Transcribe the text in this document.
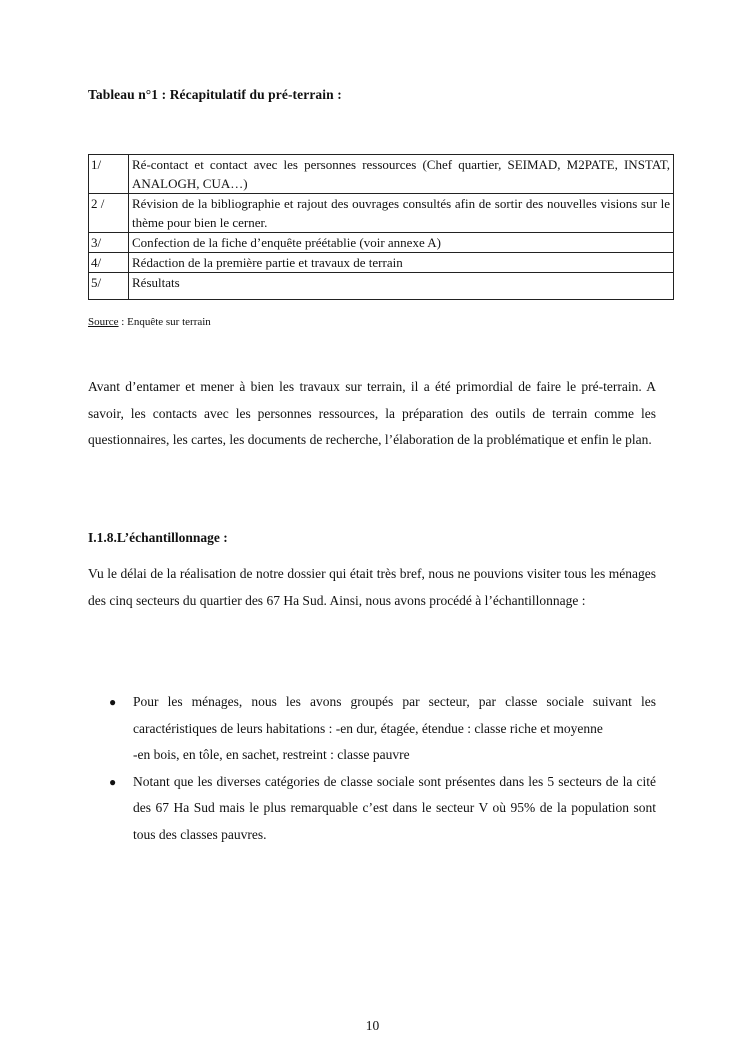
Tableau n°1 : Récapitulatif du pré-terrain :
1/	Ré-contact et contact avec les personnes ressources (Chef quartier, SEIMAD, M2PATE, INSTAT, ANALOGH, CUA…)
2 /	Révision de la bibliographie et rajout des ouvrages consultés afin de sortir des nouvelles visions sur le thème pour bien le cerner.
3/	Confection de la fiche d’enquête préétablie (voir annexe A)
4/	Rédaction de la première partie et travaux de terrain
5/	Résultats
Source : Enquête sur terrain

Avant d’entamer et mener à bien les travaux sur terrain, il a été primordial de faire le pré-terrain. A savoir, les contacts avec les personnes ressources, la préparation des outils de terrain comme les questionnaires, les cartes, les documents de recherche, l’élaboration de la problématique et enfin le plan.

I.1.8.L’échantillonnage :

Vu le délai de la réalisation de notre dossier qui était très bref, nous ne pouvions visiter tous les ménages des cinq secteurs du quartier des 67 Ha Sud. Ainsi, nous avons procédé à l’échantillonnage :

● Pour les ménages, nous les avons groupés par secteur, par classe sociale suivant les caractéristiques de leurs habitations : -en dur, étagée, étendue : classe riche et moyenne
-en bois, en tôle, en sachet, restreint : classe pauvre
● Notant que les diverses catégories de classe sociale sont présentes dans les 5 secteurs de la cité des 67 Ha Sud mais le plus remarquable c’est dans le secteur V où 95% de la population sont tous des classes pauvres.
10
